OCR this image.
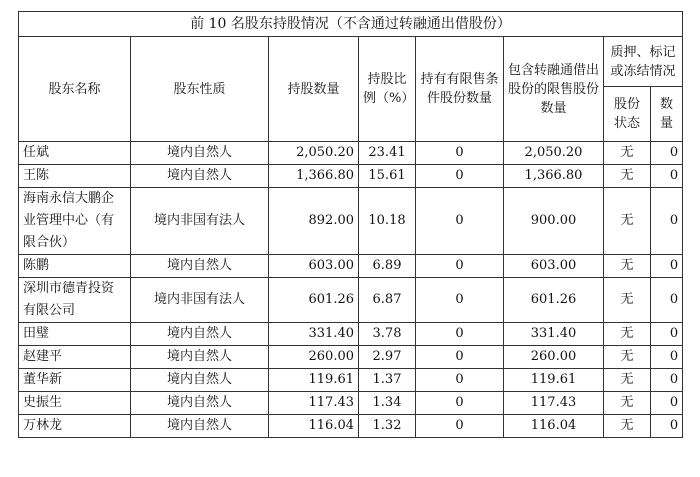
前 10 名股东持股情况（不含通过转融通出借股份）							
股东名称	股东性质	持股数量	持股比例（%）	持有有限售条件股份数量	包含转融通借出股份的限售股份数量	质押、标记或冻结情况	
						股份状态	数量
任斌	境内自然人	2,050.20	23.41	0	2,050.20	无	0
王陈	境内自然人	1,366.80	15.61	0	1,366.80	无	0
海南永信大鹏企业管理中心（有限合伙）	境内非国有法人	892.00	10.18	0	900.00	无	0
陈鹏	境内自然人	603.00	6.89	0	603.00	无	0
深圳市德青投资有限公司	境内非国有法人	601.26	6.87	0	601.26	无	0
田璧	境内自然人	331.40	3.78	0	331.40	无	0
赵建平	境内自然人	260.00	2.97	0	260.00	无	0
董华新	境内自然人	119.61	1.37	0	119.61	无	0
史振生	境内自然人	117.43	1.34	0	117.43	无	0
万林龙	境内自然人	116.04	1.32	0	116.04	无	0
